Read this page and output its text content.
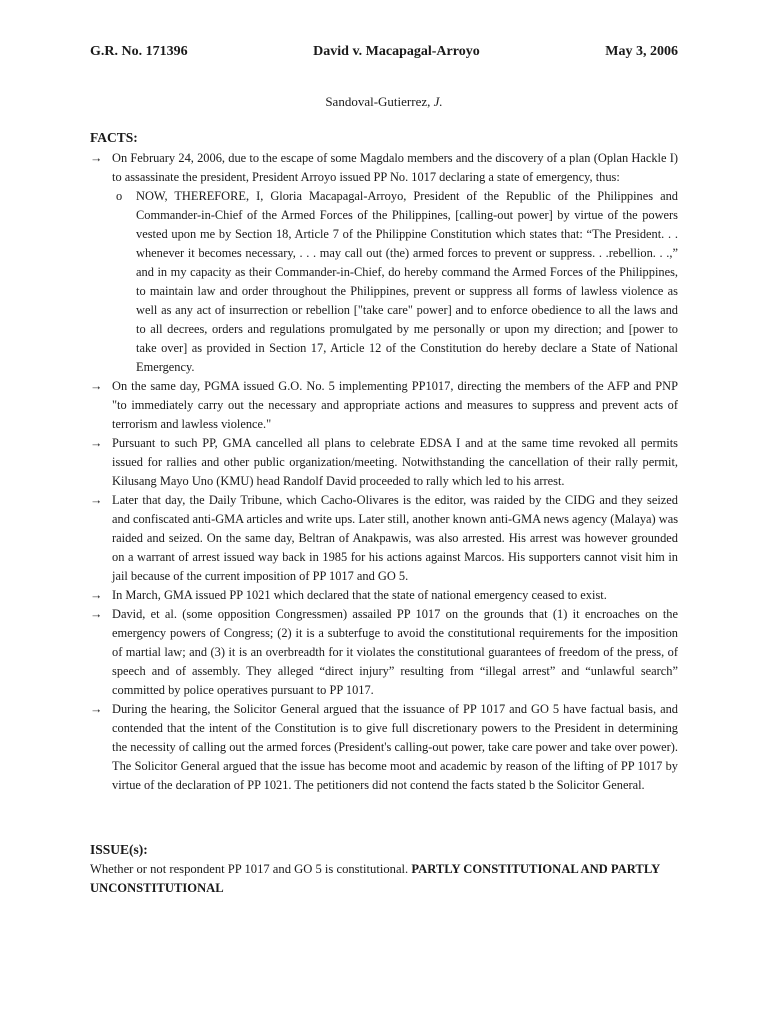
G.R. No. 171396	David v. Macapagal-Arroyo	May 3, 2006
Sandoval-Gutierrez, J.
FACTS:
→ On February 24, 2006, due to the escape of some Magdalo members and the discovery of a plan (Oplan Hackle I) to assassinate the president, President Arroyo issued PP No. 1017 declaring a state of emergency, thus:
o NOW, THEREFORE, I, Gloria Macapagal-Arroyo, President of the Republic of the Philippines and Commander-in-Chief of the Armed Forces of the Philippines, [calling-out power] by virtue of the powers vested upon me by Section 18, Article 7 of the Philippine Constitution which states that: “The President. . . whenever it becomes necessary, . . . may call out (the) armed forces to prevent or suppress. . .rebellion. . .,” and in my capacity as their Commander-in-Chief, do hereby command the Armed Forces of the Philippines, to maintain law and order throughout the Philippines, prevent or suppress all forms of lawless violence as well as any act of insurrection or rebellion ["take care" power] and to enforce obedience to all the laws and to all decrees, orders and regulations promulgated by me personally or upon my direction; and [power to take over] as provided in Section 17, Article 12 of the Constitution do hereby declare a State of National Emergency.
→ On the same day, PGMA issued G.O. No. 5 implementing PP1017, directing the members of the AFP and PNP "to immediately carry out the necessary and appropriate actions and measures to suppress and prevent acts of terrorism and lawless violence."
→ Pursuant to such PP, GMA cancelled all plans to celebrate EDSA I and at the same time revoked all permits issued for rallies and other public organization/meeting. Notwithstanding the cancellation of their rally permit, Kilusang Mayo Uno (KMU) head Randolf David proceeded to rally which led to his arrest.
→ Later that day, the Daily Tribune, which Cacho-Olivares is the editor, was raided by the CIDG and they seized and confiscated anti-GMA articles and write ups. Later still, another known anti-GMA news agency (Malaya) was raided and seized. On the same day, Beltran of Anakpawis, was also arrested. His arrest was however grounded on a warrant of arrest issued way back in 1985 for his actions against Marcos. His supporters cannot visit him in jail because of the current imposition of PP 1017 and GO 5.
→ In March, GMA issued PP 1021 which declared that the state of national emergency ceased to exist.
→ David, et al. (some opposition Congressmen) assailed PP 1017 on the grounds that (1) it encroaches on the emergency powers of Congress; (2) it is a subterfuge to avoid the constitutional requirements for the imposition of martial law; and (3) it is an overbreadth for it violates the constitutional guarantees of freedom of the press, of speech and of assembly. They alleged “direct injury” resulting from “illegal arrest” and “unlawful search” committed by police operatives pursuant to PP 1017.
→ During the hearing, the Solicitor General argued that the issuance of PP 1017 and GO 5 have factual basis, and contended that the intent of the Constitution is to give full discretionary powers to the President in determining the necessity of calling out the armed forces (President's calling-out power, take care power and take over power). The Solicitor General argued that the issue has become moot and academic by reason of the lifting of PP 1017 by virtue of the declaration of PP 1021. The petitioners did not contend the facts stated b the Solicitor General.
ISSUE(s):
Whether or not respondent PP 1017 and GO 5 is constitutional. PARTLY CONSTITUTIONAL AND PARTLY UNCONSTITUTIONAL
